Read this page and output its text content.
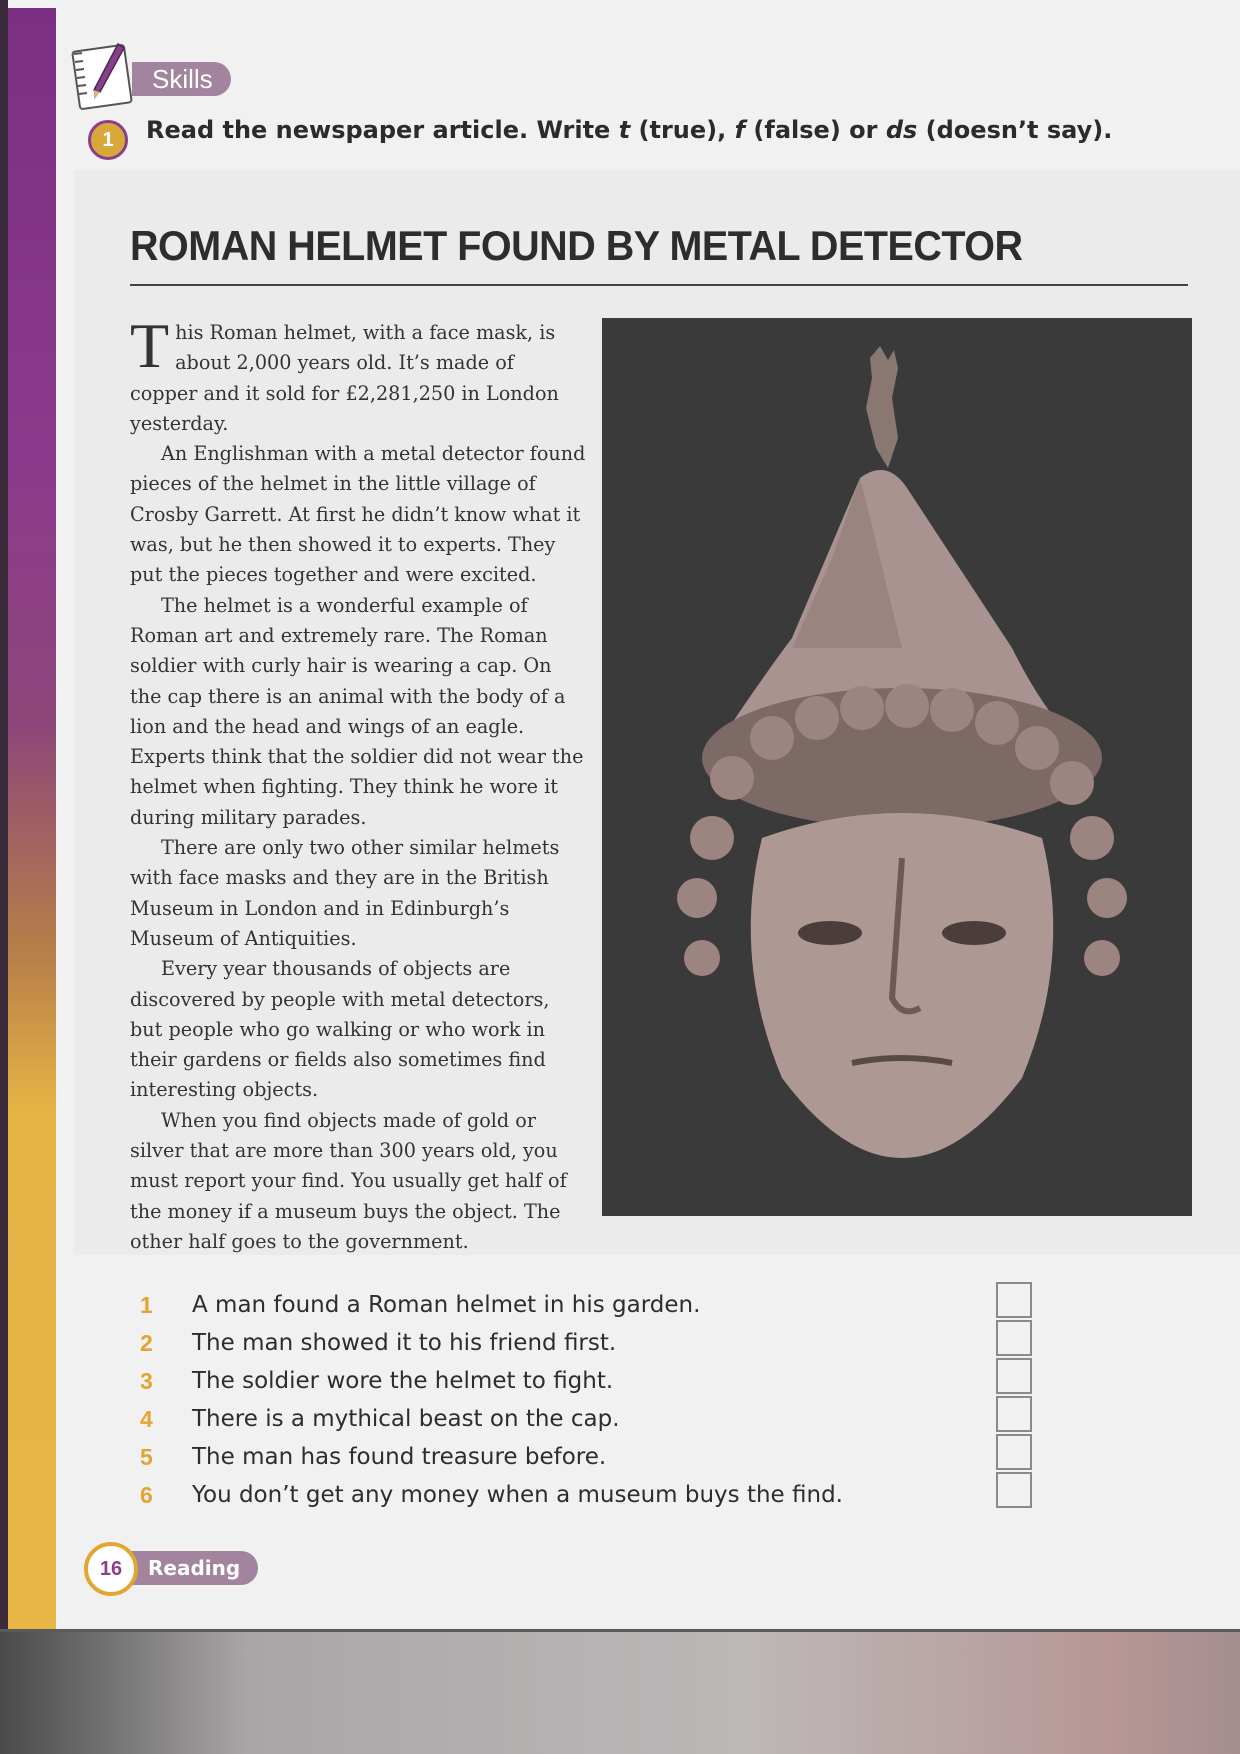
Skills
1	Read the newspaper article. Write t (true), f (false) or ds (doesn’t say).
ROMAN HELMET FOUND BY METAL DETECTOR

This Roman helmet, with a face mask, is about 2,000 years old. It’s made of copper and it sold for £2,281,250 in London yesterday.

An Englishman with a metal detector found pieces of the helmet in the little village of Crosby Garrett. At first he didn’t know what it was, but he then showed it to experts. They put the pieces together and were excited.

The helmet is a wonderful example of Roman art and extremely rare. The Roman soldier with curly hair is wearing a cap. On the cap there is an animal with the body of a lion and the head and wings of an eagle. Experts think that the soldier did not wear the helmet when fighting. They think he wore it during military parades.

There are only two other similar helmets with face masks and they are in the British Museum in London and in Edinburgh’s Museum of Antiquities.

Every year thousands of objects are discovered by people with metal detectors, but people who go walking or who work in their gardens or fields also sometimes find interesting objects.

When you find objects made of gold or silver that are more than 300 years old, you must report your find. You usually get half of the money if a museum buys the object. The other half goes to the government.

1	A man found a Roman helmet in his garden.
2	The man showed it to his friend first.
3	The soldier wore the helmet to fight.
4	There is a mythical beast on the cap.
5	The man has found treasure before.
6	You don’t get any money when a museum buys the find.
Reading
16
